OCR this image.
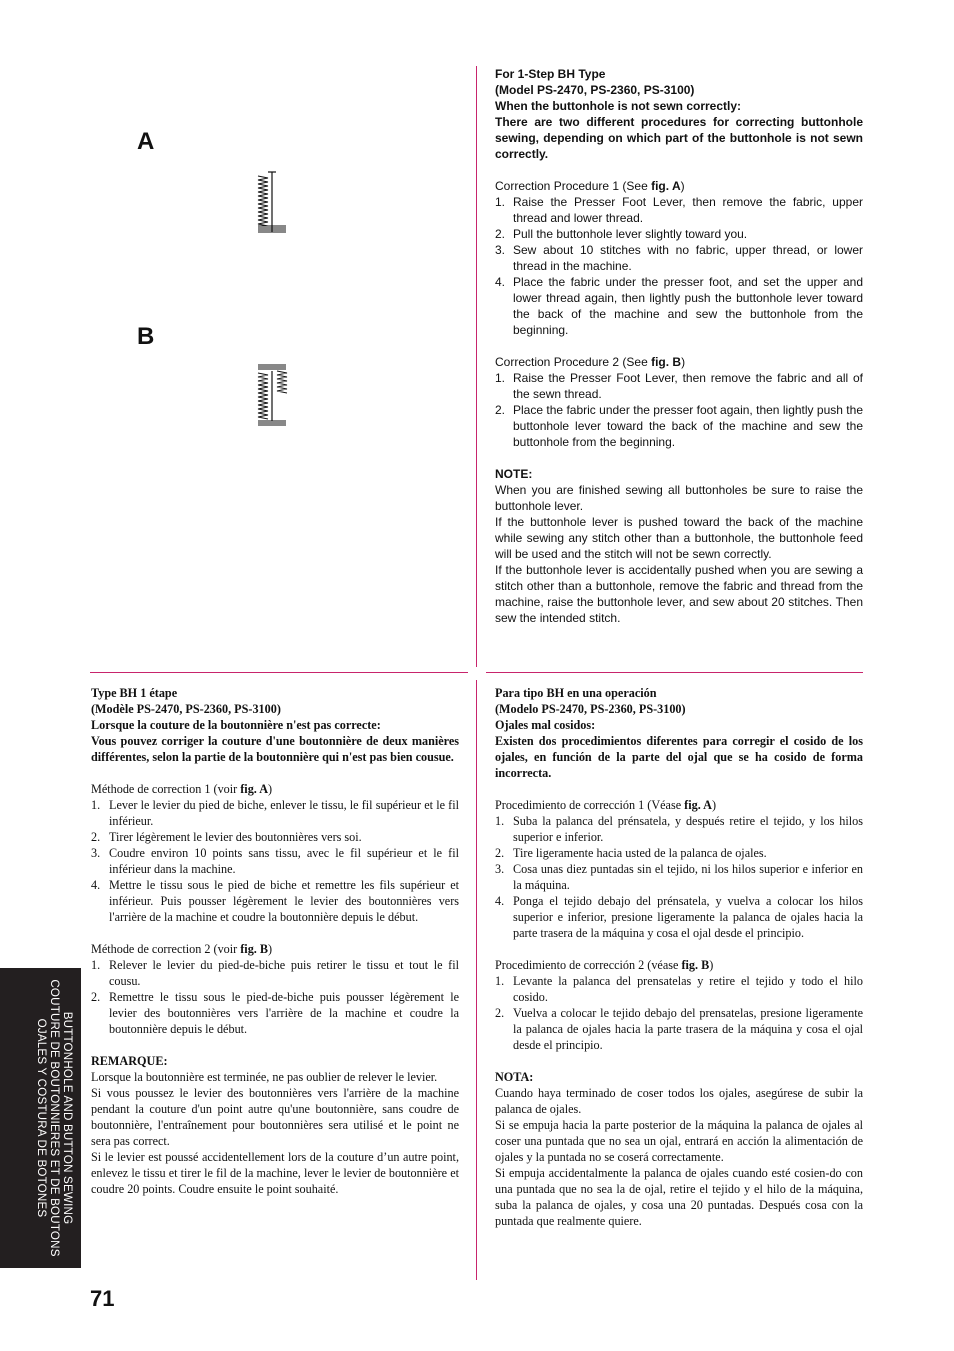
A
B

For 1-Step BH Type

(Model PS-2470, PS-2360, PS-3100)

When the buttonhole is not sewn correctly:

There are two different procedures for correcting buttonhole sewing, depending on which part of the buttonhole is not sewn correctly.

Correction Procedure 1 (See fig. A)

1. Raise the Presser Foot Lever, then remove the fabric, upper thread and lower thread.
2. Pull the buttonhole lever slightly toward you.
3. Sew about 10 stitches with no fabric, upper thread, or lower thread in the machine.
4. Place the fabric under the presser foot, and set the upper and lower thread again, then lightly push the buttonhole lever toward the back of the machine and sew the buttonhole from the beginning.

Correction Procedure 2 (See fig. B)

1. Raise the Presser Foot Lever, then remove the fabric and all of the sewn thread.
2. Place the fabric under the presser foot again, then lightly push the buttonhole lever toward the back of the machine and sew the buttonhole from the beginning.

NOTE:

When you are finished sewing all buttonholes be sure to raise the buttonhole lever.

If the buttonhole lever is pushed toward the back of the machine while sewing any stitch other than a buttonhole, the buttonhole feed will be used and the stitch will not be sewn correctly.

If the buttonhole lever is accidentally pushed when you are sewing a stitch other than a buttonhole, remove the fabric and thread from the machine, raise the buttonhole lever, and sew about 20 stitches. Then sew the intended stitch.

Type BH 1 étape

(Modèle PS-2470, PS-2360, PS-3100)

Lorsque la couture de la boutonnière n'est pas correcte:

Vous pouvez corriger la couture d'une boutonnière de deux manières différentes, selon la partie de la boutonnière qui n'est pas bien cousue.

Méthode de correction 1 (voir fig. A)

1. Lever le levier du pied de biche, enlever le tissu, le fil supérieur et le fil inférieur.
2. Tirer légèrement le levier des boutonnières vers soi.
3. Coudre environ 10 points sans tissu, avec le fil supérieur et le fil inférieur dans la machine.
4. Mettre le tissu sous le pied de biche et remettre les fils supérieur et inférieur. Puis pousser légèrement le levier des boutonnières vers l'arrière de la machine et coudre la boutonnière depuis le début.

Méthode de correction 2 (voir fig. B)

1. Relever le levier du pied-de-biche puis retirer le tissu et tout le fil cousu.
2. Remettre le tissu sous le pied-de-biche puis pousser légèrement le levier des boutonnières vers l'arrière de la machine et coudre la boutonnière depuis le début.

REMARQUE:

Lorsque la boutonnière est terminée, ne pas oublier de relever le levier.

Si vous poussez le levier des boutonnières vers l'arrière de la machine pendant la couture d'un point autre qu'une boutonnière, sans coudre de boutonnière, l'entraînement pour boutonnières sera utilisé et le point ne sera pas correct.

Si le levier est poussé accidentellement lors de la couture d’un autre point, enlevez le tissu et tirer le fil de la machine, lever le levier de boutonnière et coudre 20 points. Coudre ensuite le point souhaité.

Para tipo BH en una operación

(Modelo PS-2470, PS-2360, PS-3100)

Ojales mal cosidos:

Existen dos procedimientos diferentes para corregir el cosido de los ojales, en función de la parte del ojal que se ha cosido de forma incorrecta.

Procedimiento de corrección 1 (Véase fig. A)

1. Suba la palanca del prénsatela, y después retire el tejido, y los hilos superior e inferior.
2. Tire ligeramente hacia usted de la palanca de ojales.
3. Cosa unas diez puntadas sin el tejido, ni los hilos superior e inferior en la máquina.
4. Ponga el tejido debajo del prénsatela, y vuelva a colocar los hilos superior e inferior, presione ligeramente la palanca de ojales hacia la parte trasera de la máquina y cosa el ojal desde el principio.

Procedimiento de corrección 2 (véase fig. B)

1. Levante la palanca del prensatelas y retire el tejido y todo el hilo cosido.
2. Vuelva a colocar le tejido debajo del prensatelas, presione ligeramente la palanca de ojales hacia la parte trasera de la máquina y cosa el ojal desde el principio.

NOTA:

Cuando haya terminado de coser todos los ojales, asegúrese de subir la palanca de ojales.

Si se empuja hacia la parte posterior de la máquina la palanca de ojales al coser una puntada que no sea un ojal, entrará en acción la alimentación de ojales y la puntada no se coserá correctamente.

Si empuja accidentalmente la palanca de ojales cuando esté cosien-do con una puntada que no sea la de ojal, retire el tejido y el hilo de la máquina, suba la palanca de ojales, y cosa una 20 puntadas. Después cosa con la puntada que realmente quiere.

BUTTONHOLE AND BUTTON SEWING
COUTURE DE BOUTONNIERES ET DE BOUTONS
OJALES Y COSTURA DE BOTONES
71
